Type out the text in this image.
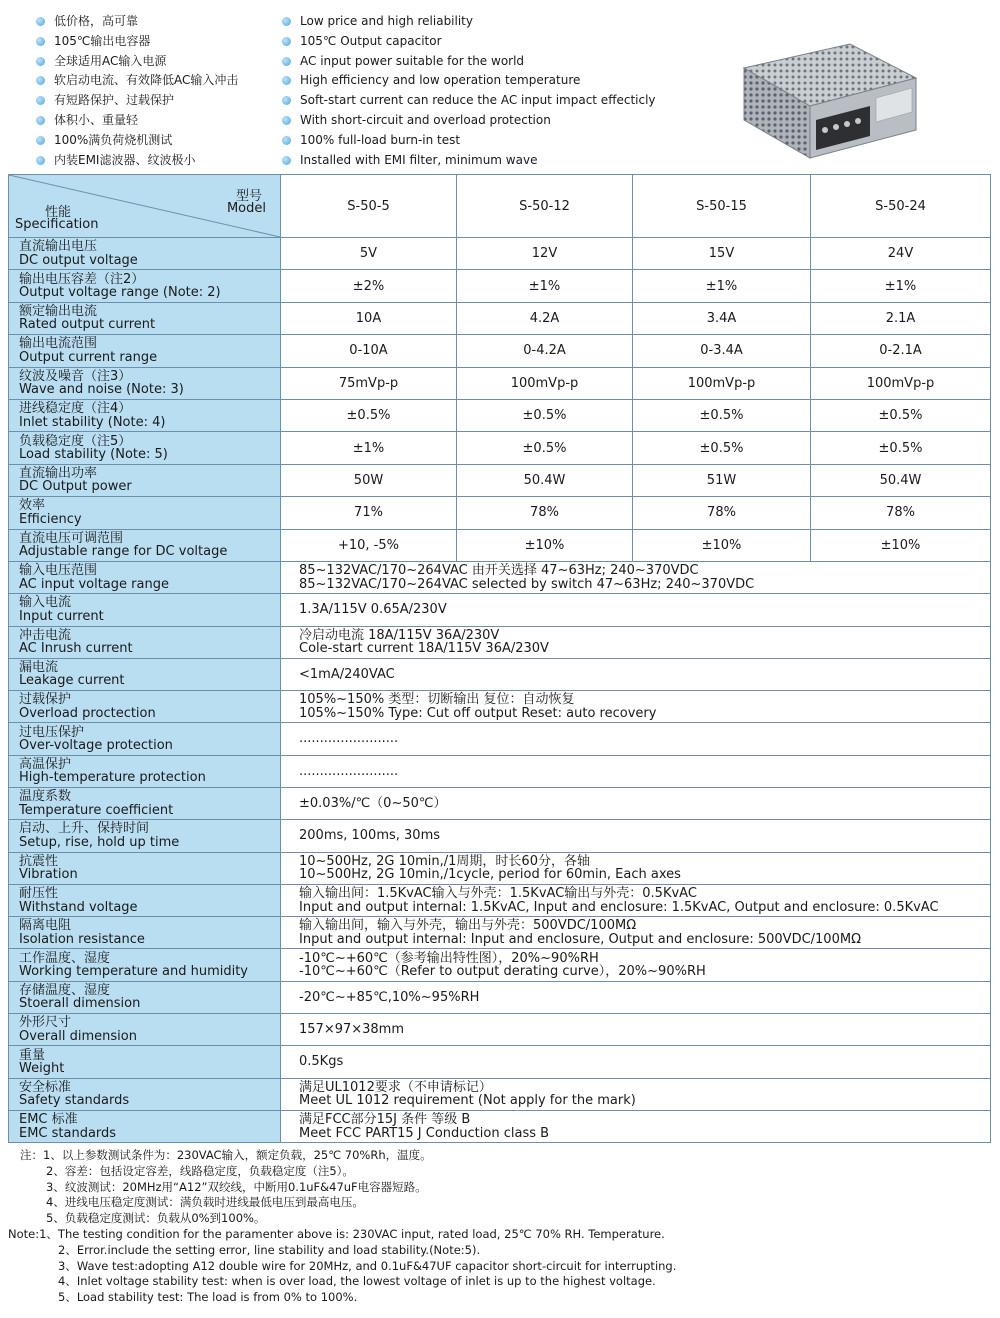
低价格，高可靠
105℃输出电容器
全球适用AC输入电源
软启动电流、有效降低AC输入冲击
有短路保护、过载保护
体积小、重量轻
100%满负荷烧机测试
内装EMI滤波器、纹波极小
Low price and high reliability
105℃ Output capacitor
AC input power suitable for the world
High efficiency and low operation temperature
Soft-start current can reduce the AC input impact effecticly
With short-circuit and overload protection
100% full-load burn-in test
Installed with EMI filter, minimum wave
型号
Model
性能
Specification	S-50-5	S-50-12	S-50-15	S-50-24

直流输出电压
DC output voltage	5V	12V	15V	24V

输出电压容差（注2）
Output voltage range (Note: 2)	±2%	±1%	±1%	±1%

额定输出电流
Rated output current	10A	4.2A	3.4A	2.1A

输出电流范围
Output current range	0-10A	0-4.2A	0-3.4A	0-2.1A

纹波及噪音（注3）
Wave and noise (Note: 3)	75mVp-p	100mVp-p	100mVp-p	100mVp-p

进线稳定度（注4）
Inlet stability (Note: 4)	±0.5%	±0.5%	±0.5%	±0.5%

负载稳定度（注5）
Load stability (Note: 5)	±1%	±0.5%	±0.5%	±0.5%

直流输出功率
DC Output power	50W	50.4W	51W	50.4W

效率
Efficiency	71%	78%	78%	78%

直流电压可调范围
Adjustable range for DC voltage	+10, -5%	±10%	±10%	±10%

输入电压范围
AC input voltage range	85~132VAC/170~264VAC 由开关选择 47~63Hz; 240~370VDC
85~132VAC/170~264VAC selected by switch 47~63Hz; 240~370VDC			

输入电流
Input current	1.3A/115V 0.65A/230V			

冲击电流
AC Inrush current	冷启动电流 18A/115V 36A/230V
Cole-start current 18A/115V 36A/230V			

漏电流
Leakage current	<1mA/240VAC			

过载保护
Overload proctection	105%~150% 类型：切断输出 复位：自动恢复
105%~150% Type: Cut off output Reset: auto recovery			

过电压保护
Over-voltage protection	........................			

高温保护
High-temperature protection	........................			

温度系数
Temperature coefficient	±0.03%/℃（0~50℃）			

启动、上升、保持时间
Setup, rise, hold up time	200ms, 100ms, 30ms			

抗震性
Vibration	10~500Hz, 2G 10min,/1周期，时长60分，各轴
10~500Hz, 2G 10min,/1cycle, period for 60min, Each axes			

耐压性
Withstand voltage	输入输出间：1.5KvAC输入与外壳：1.5KvAC输出与外壳：0.5KvAC
Input and output internal: 1.5KvAC, Input and enclosure: 1.5KvAC, Output and enclosure: 0.5KvAC			

隔离电阻
Isolation resistance	输入输出间，输入与外壳，输出与外壳：500VDC/100MΩ
Input and output internal: Input and enclosure, Output and enclosure: 500VDC/100MΩ			

工作温度、湿度
Working temperature and humidity	-10℃~+60℃（参考输出特性图），20%~90%RH
-10℃~+60℃（Refer to output derating curve），20%~90%RH			

存储温度、湿度
Stoerall dimension	-20℃~+85℃,10%~95%RH			

外形尺寸
Overall dimension	157×97×38mm			

重量
Weight	0.5Kgs			

安全标准
Safety standards	满足UL1012要求（不申请标记）
Meet UL 1012 requirement (Not apply for the mark)			

EMC 标准
EMC standards	满足FCC部分15J 条件 等级 B
Meet FCC PART15 J Conduction class B			
注：1、以上参数测试条件为：230VAC输入，额定负载，25℃ 70%Rh，温度。
2、容差：包括设定容差，线路稳定度，负载稳定度（注5）。
3、纹波测试：20MHz用“A12”双绞线，中断用0.1uF&47uF电容器短路。
4、进线电压稳定度测试：满负载时进线最低电压到最高电压。
5、负载稳定度测试：负载从0%到100%。
Note:1、The testing condition for the paramenter above is: 230VAC input, rated load, 25℃ 70% RH. Temperature.
2、Error.include the setting error, line stability and load stability.(Note:5).
3、Wave test:adopting A12 double wire for 20MHz, and 0.1uF&47UF capacitor short-circuit for interrupting.
4、Inlet voltage stability test: when is over load, the lowest voltage of inlet is up to the highest voltage.
5、Load stability test: The load is from 0% to 100%.
